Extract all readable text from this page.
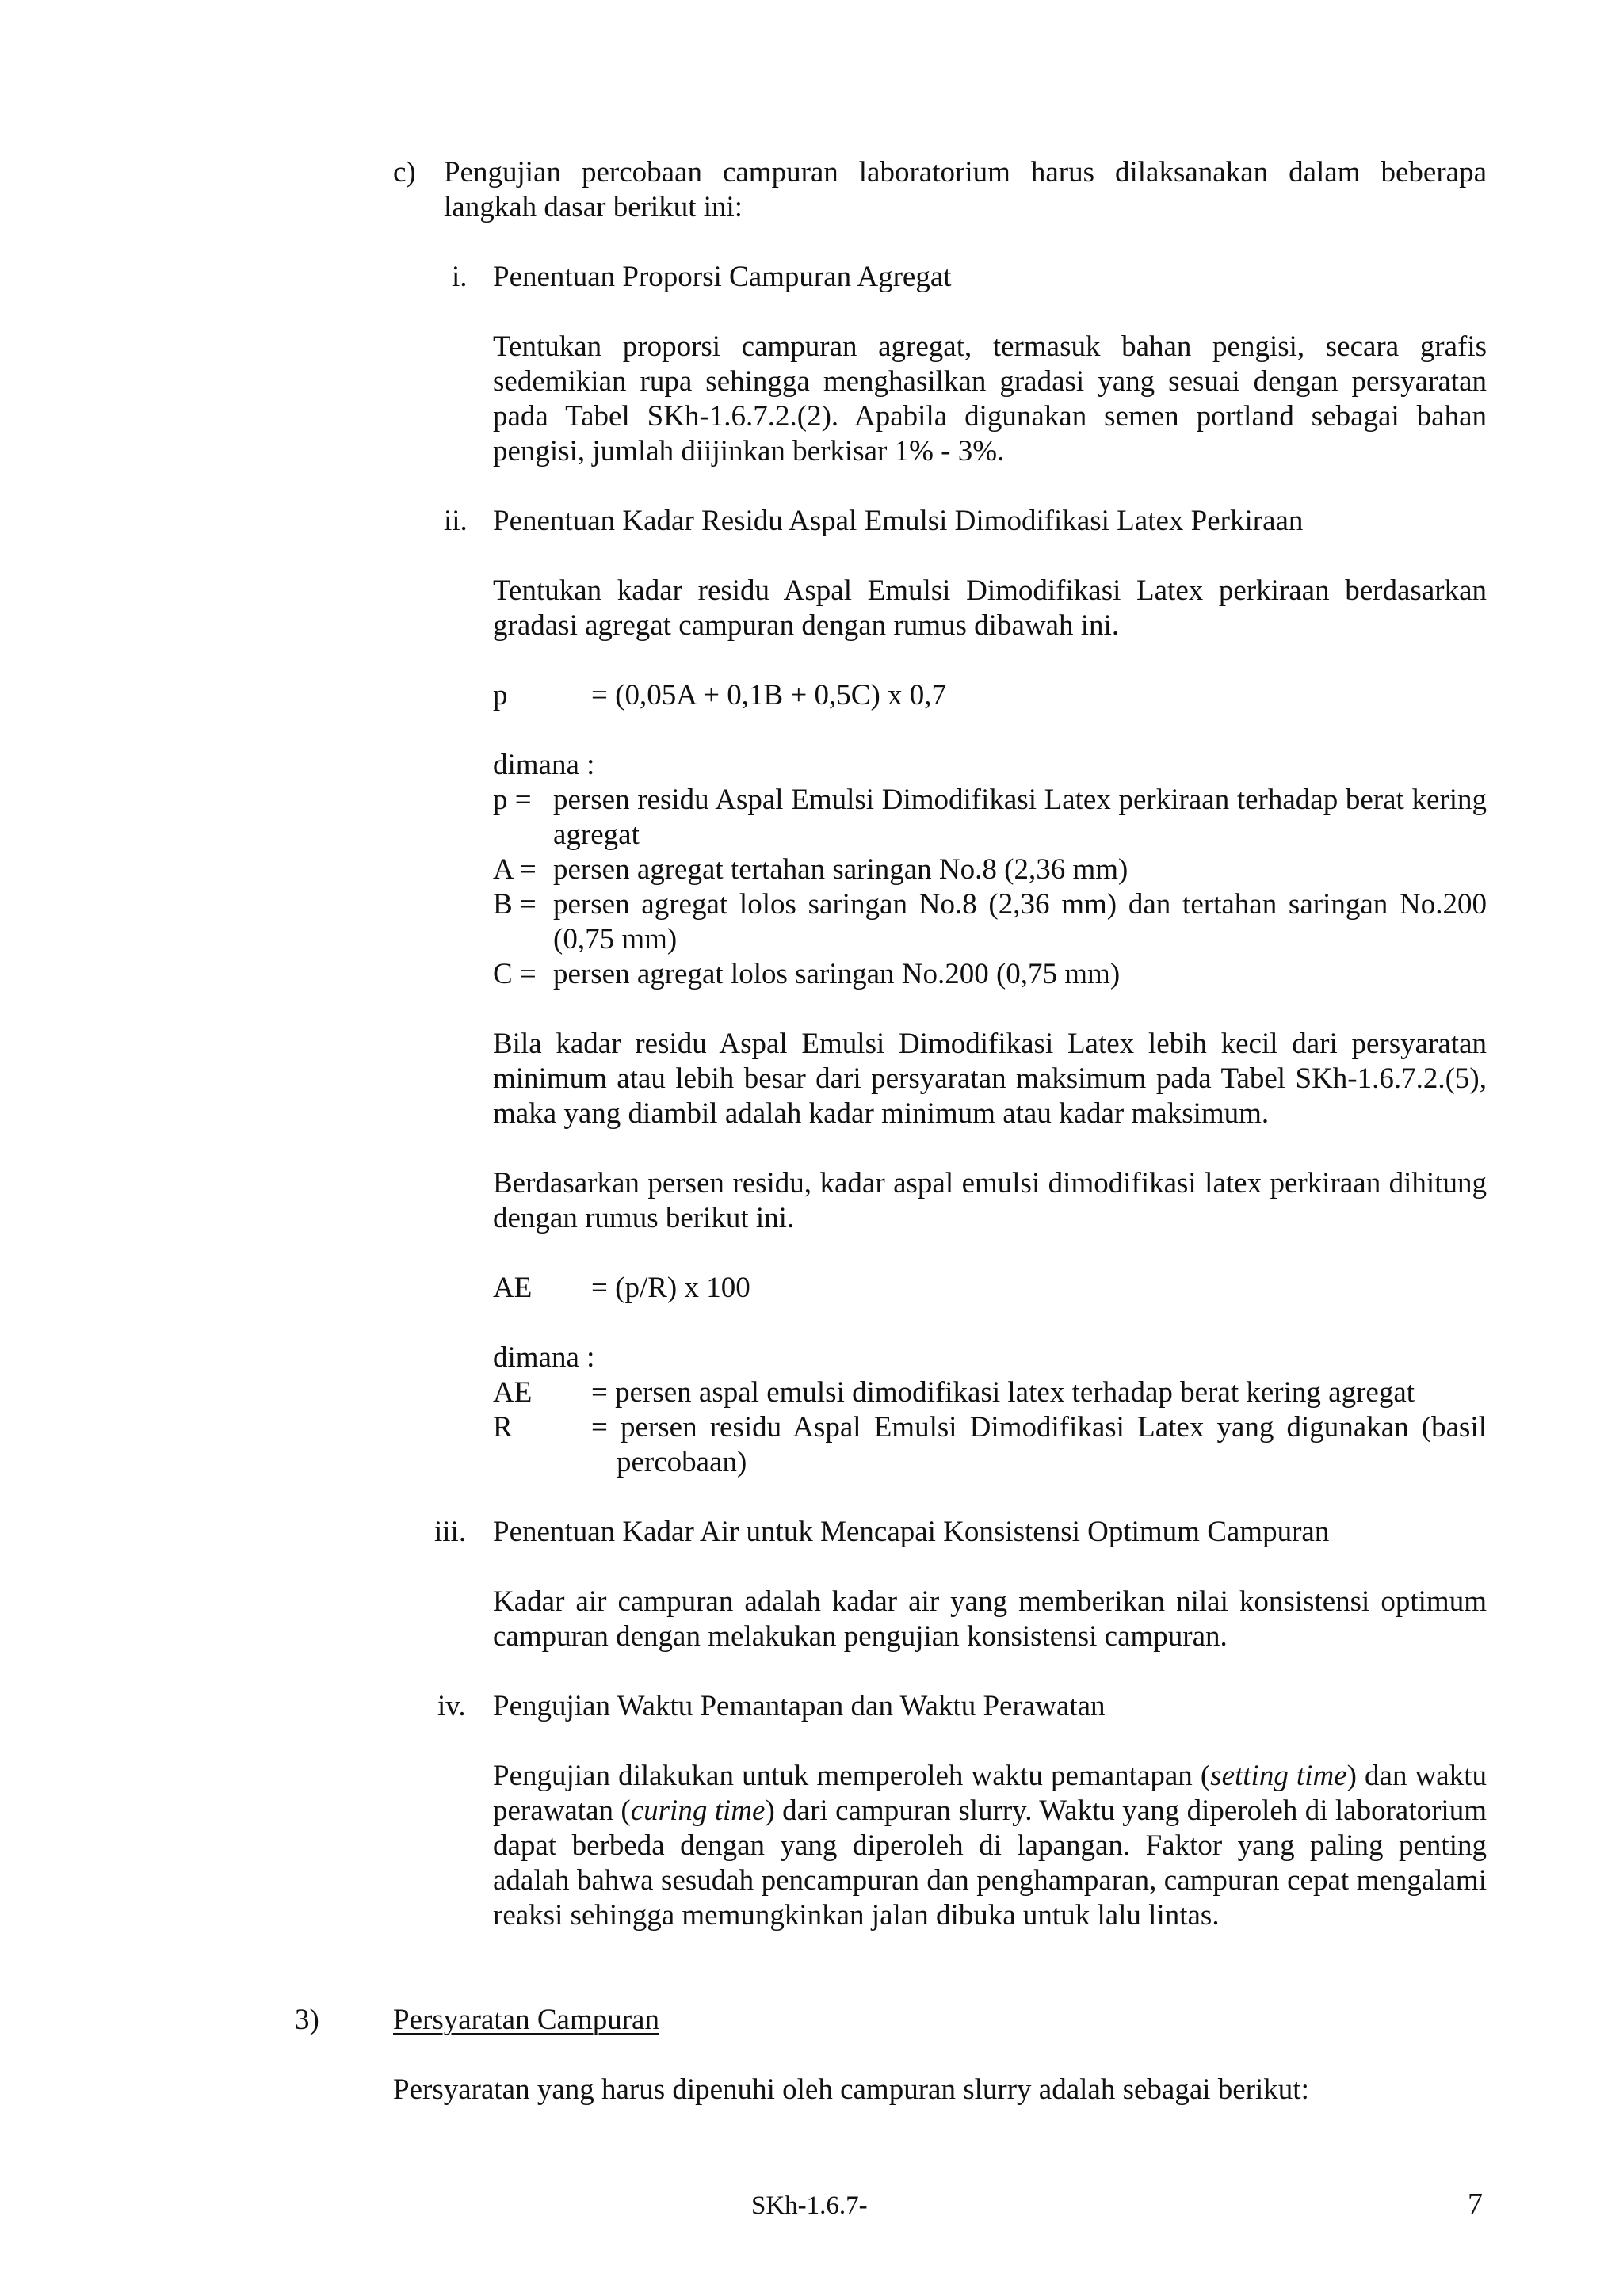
c) Pengujian percobaan campuran laboratorium harus dilaksanakan dalam beberapa langkah dasar berikut ini:
i. Penentuan Proporsi Campuran Agregat
Tentukan proporsi campuran agregat, termasuk bahan pengisi, secara grafis sedemikian rupa sehingga menghasilkan gradasi yang sesuai dengan persyaratan pada Tabel SKh-1.6.7.2.(2). Apabila digunakan semen portland sebagai bahan pengisi, jumlah diijinkan berkisar 1% - 3%.
ii. Penentuan Kadar Residu Aspal Emulsi Dimodifikasi Latex Perkiraan
Tentukan kadar residu Aspal Emulsi Dimodifikasi Latex perkiraan berdasarkan gradasi agregat campuran dengan rumus dibawah ini.
p	= (0,05A + 0,1B + 0,5C) x 0,7
dimana :
p =	persen residu Aspal Emulsi Dimodifikasi Latex perkiraan terhadap berat kering agregat
A =	persen agregat tertahan saringan No.8 (2,36 mm)
B =	persen agregat lolos saringan No.8 (2,36 mm) dan tertahan saringan No.200 (0,75 mm)
C =	persen agregat lolos saringan No.200 (0,75 mm)
Bila kadar residu Aspal Emulsi Dimodifikasi Latex lebih kecil dari persyaratan minimum atau lebih besar dari persyaratan maksimum pada Tabel SKh-1.6.7.2.(5), maka yang diambil adalah kadar minimum atau kadar maksimum.
Berdasarkan persen residu, kadar aspal emulsi dimodifikasi latex perkiraan dihitung dengan rumus berikut ini.
AE = (p/R) x 100
dimana :
AE	= persen aspal emulsi dimodifikasi latex terhadap berat kering agregat
R	= persen residu Aspal Emulsi Dimodifikasi Latex yang digunakan (basil percobaan)
iii. Penentuan Kadar Air untuk Mencapai Konsistensi Optimum Campuran
Kadar air campuran adalah kadar air yang memberikan nilai konsistensi optimum campuran dengan melakukan pengujian konsistensi campuran.
iv. Pengujian Waktu Pemantapan dan Waktu Perawatan
Pengujian dilakukan untuk memperoleh waktu pemantapan (setting time) dan waktu perawatan (curing time) dari campuran slurry. Waktu yang diperoleh di laboratorium dapat berbeda dengan yang diperoleh di lapangan. Faktor yang paling penting adalah bahwa sesudah pencampuran dan penghamparan, campuran cepat mengalami reaksi sehingga memungkinkan jalan dibuka untuk lalu lintas.
3)	Persyaratan Campuran
Persyaratan yang harus dipenuhi oleh campuran slurry adalah sebagai berikut:
SKh-1.6.7-	7
